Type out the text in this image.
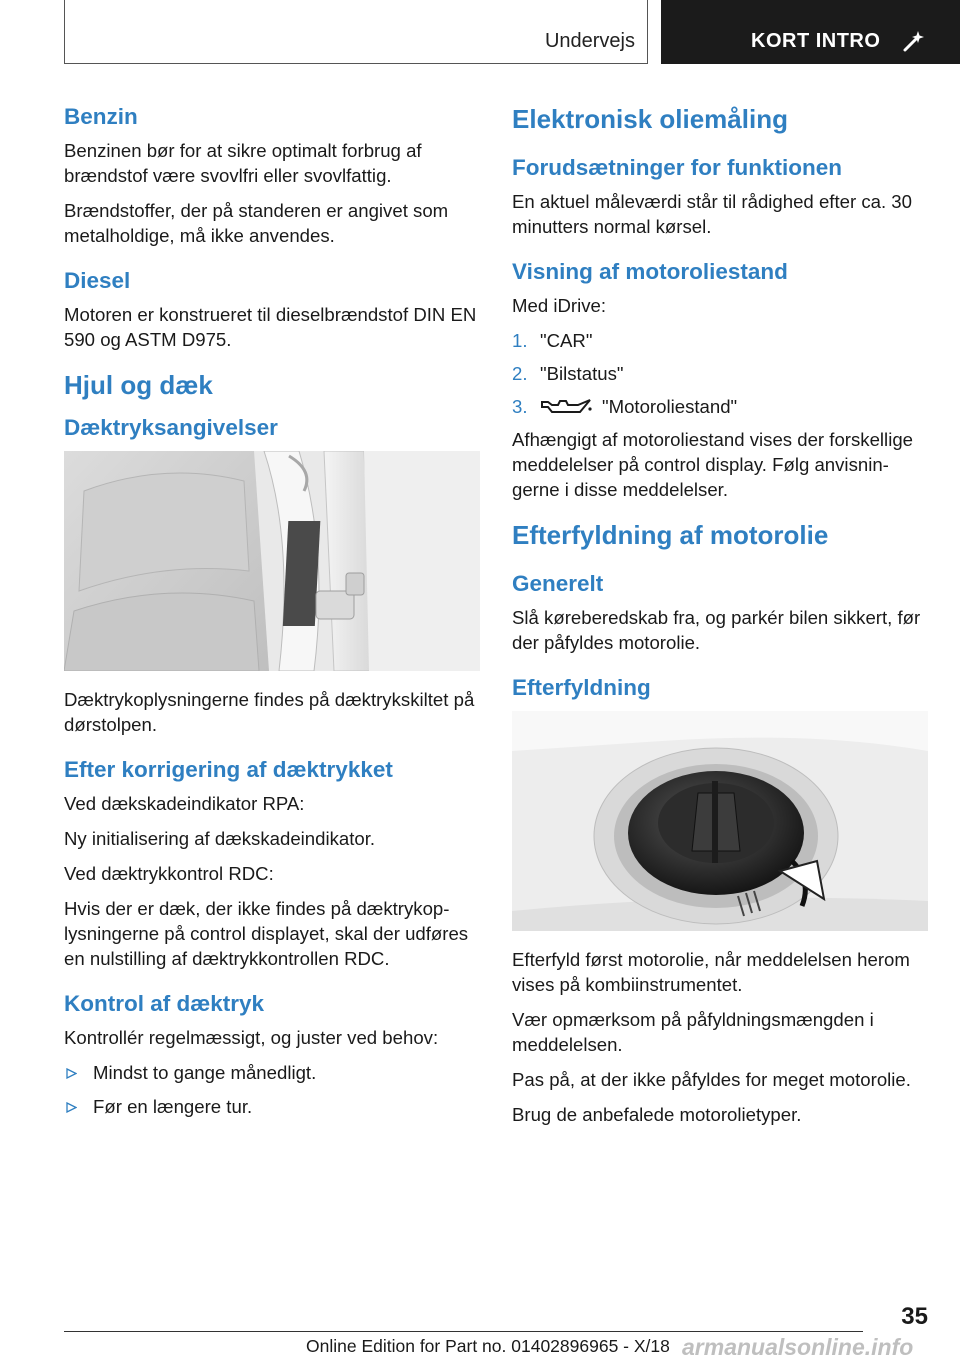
Undervejs	KORT INTRO
Benzin

Benzinen bør for at sikre optimalt forbrug af brændstof være svovlfri eller svovlfattig.

Brændstoffer, der på standeren er angivet som metalholdige, må ikke anvendes.

Diesel

Motoren er konstrueret til dieselbrændstof DIN EN 590 og ASTM D975.

Hjul og dæk
Dæktryksangivelser

Dæktrykoplysningerne findes på dæktrykskiltet på dørstolpen.

Efter korrigering af dæktrykket

Ved dækskadeindikator RPA:

Ny initialisering af dækskadeindikator.

Ved dæktrykkontrol RDC:

Hvis der er dæk, der ikke findes på dæktrykop-lysningerne på control displayet, skal der udføres en nulstilling af dæktrykkontrollen RDC.

Kontrol af dæktryk

Kontrollér regelmæssigt, og juster ved behov:

Mindst to gange månedligt.
Før en længere tur.
Elektronisk oliemåling
Forudsætninger for funktionen

En aktuel måleværdi står til rådighed efter ca. 30 minutters normal kørsel.

Visning af motoroliestand

Med iDrive:

1. "CAR"
2. "Bilstatus"
3.	"Motoroliestand"

Afhængigt af motoroliestand vises der forskellige meddelelser på control display. Følg anvisnin-gerne i disse meddelelser.

Efterfyldning af motorolie
Generelt

Slå køreberedskab fra, og parkér bilen sikkert, før der påfyldes motorolie.

Efterfyldning

Efterfyld først motorolie, når meddelelsen herom vises på kombiinstrumentet.

Vær opmærksom på påfyldningsmængden i meddelelsen.

Pas på, at der ikke påfyldes for meget motorolie.

Brug de anbefalede motorolietyper.

35
Online Edition for Part no. 01402896965 - X/18 armanualsonline.info
